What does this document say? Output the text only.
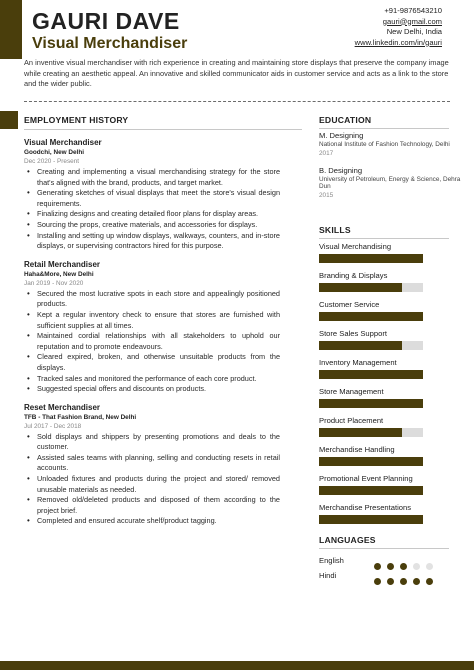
GAURI DAVE
Visual Merchandiser
+91-9876543210
gauri@gmail.com
New Delhi, India
www.linkedin.com/in/gauri
An inventive visual merchandiser with rich experience in creating and maintaining store displays that preserve the company image while creating an aesthetic appeal. An innovative and skilled communicator aids in customer service and acts as a link to the store and the wider public.
EMPLOYMENT HISTORY
Visual Merchandiser
Goodchi, New Delhi
Dec 2020 - Present
• Creating and implementing a visual merchandising strategy for the store that's aligned with the brand, products, and target market.
• Generating sketches of visual displays that meet the store's visual design requirements.
• Finalizing designs and creating detailed floor plans for display areas.
• Sourcing the props, creative materials, and accessories for displays.
• Installing and setting up window displays, walkways, counters, and in-store displays, or supervising contractors hired for this purpose.
Retail Merchandiser
Haha&More, New Delhi
Jan 2019 - Nov 2020
• Secured the most lucrative spots in each store and appealingly positioned products.
• Kept a regular inventory check to ensure that stores are furnished with sufficient supplies at all times.
• Maintained cordial relationships with all stakeholders to uphold our reputation and to promote endeavours.
• Cleared expired, broken, and otherwise unsuitable products from the displays.
• Tracked sales and monitored the performance of each core product.
• Suggested special offers and discounts on products.
Reset Merchandiser
TFB - That Fashion Brand, New Delhi
Jul 2017 - Dec 2018
• Sold displays and shippers by presenting promotions and deals to the customer.
• Assisted sales teams with planning, selling and conducting resets in retail accounts.
• Unloaded fixtures and products during the project and stored/ removed unusable materials as needed.
• Removed old/deleted products and disposed of them according to the project brief.
• Completed and ensured accurate shelf/product tagging.
EDUCATION
M. Designing
National Institute of Fashion Technology, Delhi
2017
B. Designing
University of Petroleum, Energy & Science, Dehra Dun
2015
SKILLS
Visual Merchandising
Branding & Displays
Customer Service
Store Sales Support
Inventory Management
Store Management
Product Placement
Merchandise Handling
Promotional Event Planning
Merchandise Presentations
LANGUAGES
English
Hindi
